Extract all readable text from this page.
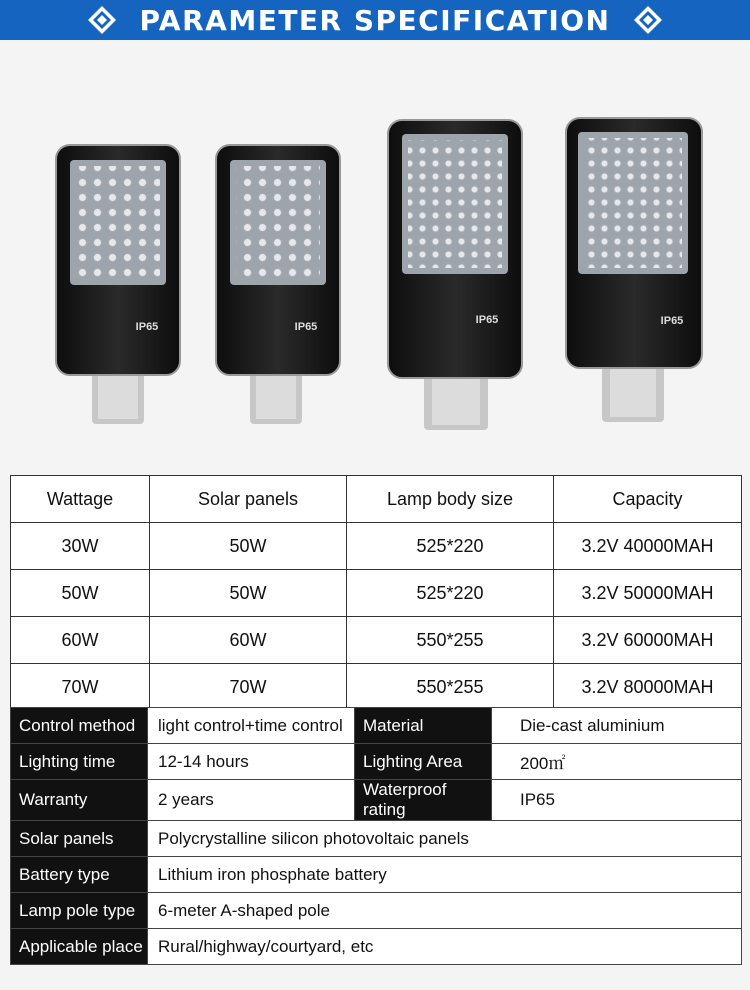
PARAMETER SPECIFICATION
IP65	IP65
IP65	IP65
Wattage	Solar panels	Lamp body size	Capacity
30W	50W	525*220	3.2V 40000MAH
50W	50W	525*220	3.2V 50000MAH
60W	60W	550*255	3.2V 60000MAH
70W	70W	550*255	3.2V 80000MAH
Control method	light control+time control	Material	Die-cast aluminium
Lighting time	12-14 hours	Lighting Area	200㎡
Warranty	2 years	Waterproof rating	IP65
Solar panels	Polycrystalline silicon photovoltaic panels		
Battery type	Lithium iron phosphate battery		
Lamp pole type	6-meter A-shaped pole		
Applicable place	Rural/highway/courtyard, etc		
